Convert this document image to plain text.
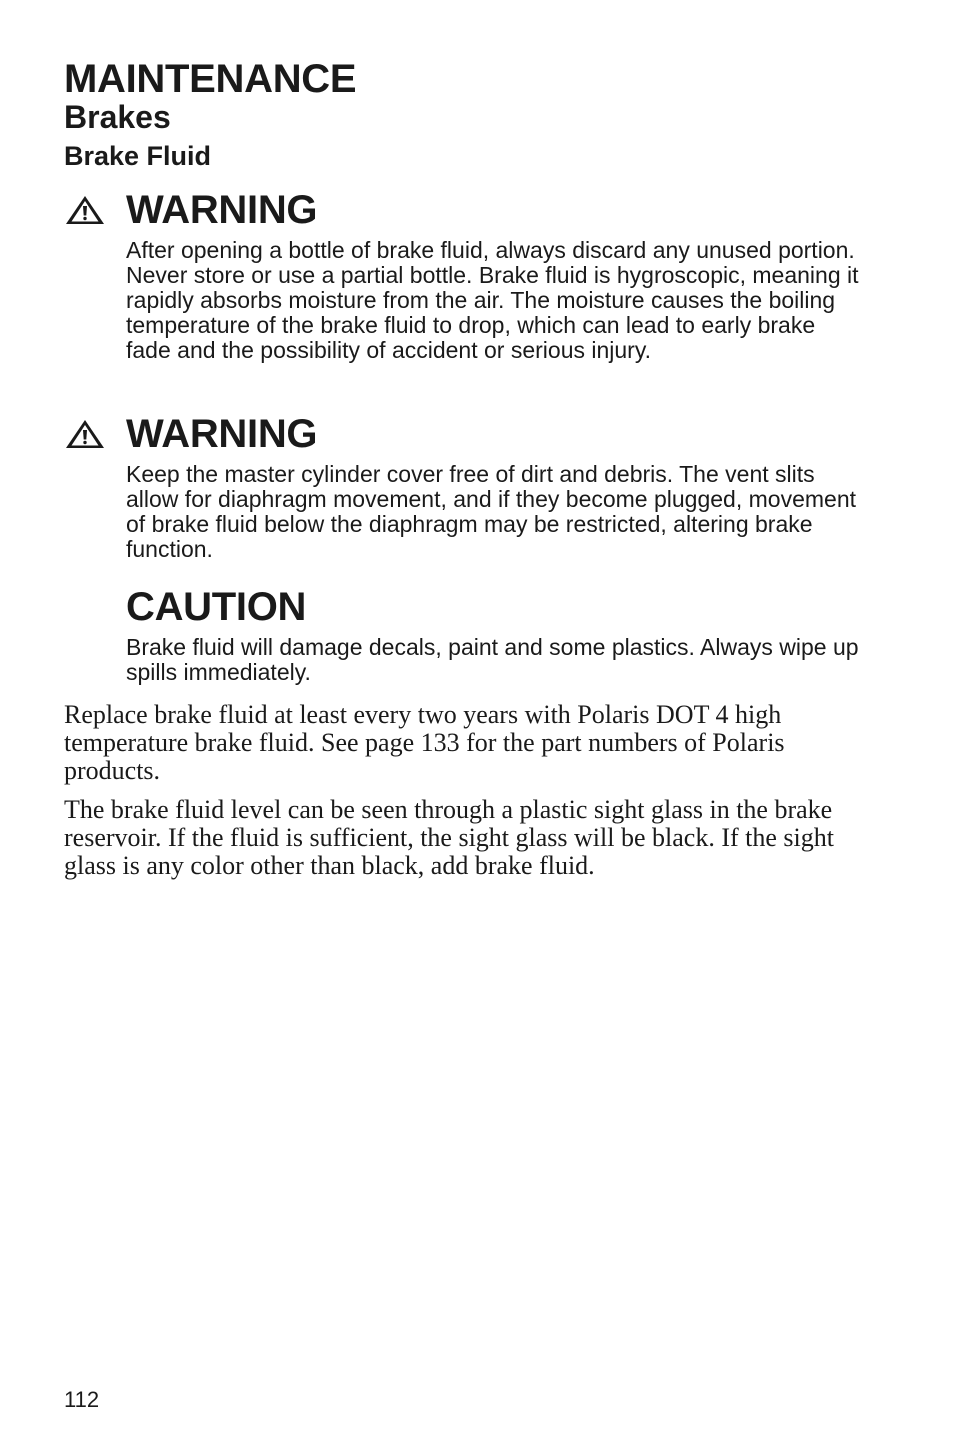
MAINTENANCE
Brakes
Brake Fluid
WARNING

After opening a bottle of brake fluid, always discard any unused portion. Never store or use a partial bottle. Brake fluid is hygroscopic, meaning it rapidly absorbs moisture from the air. The moisture causes the boiling temperature of the brake fluid to drop, which can lead to early brake fade and the possibility of accident or serious injury.

WARNING

Keep the master cylinder cover free of dirt and debris. The vent slits allow for diaphragm movement, and if they become plugged, movement of brake fluid below the diaphragm may be restricted, altering brake function.

CAUTION

Brake fluid will damage decals, paint and some plastics. Always wipe up spills immediately.

Replace brake fluid at least every two years with Polaris DOT 4 high temperature brake fluid. See page 133 for the part numbers of Polaris products.

The brake fluid level can be seen through a plastic sight glass in the brake reservoir. If the fluid is sufficient, the sight glass will be black. If the sight glass is any color other than black, add brake fluid.

112
